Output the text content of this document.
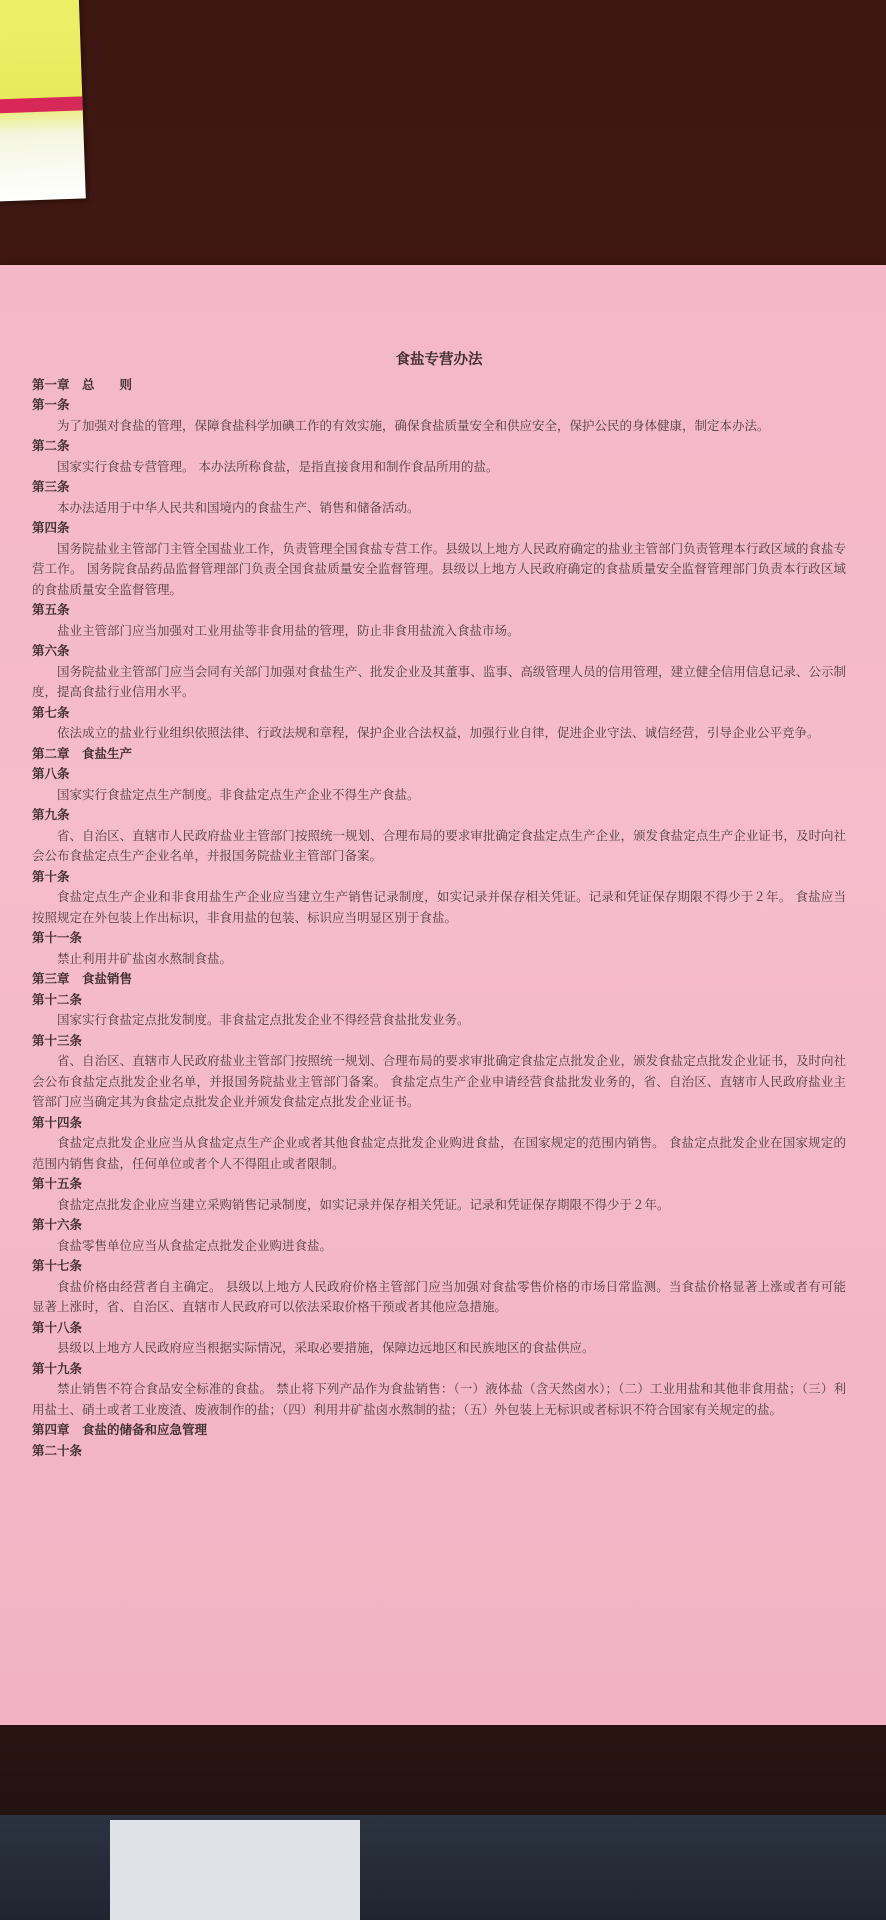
食盐专营办法
第一章　总　　则
第一条
为了加强对食盐的管理，保障食盐科学加碘工作的有效实施，确保食盐质量安全和供应安全，保护公民的身体健康，制定本办法。
第二条
国家实行食盐专营管理。 本办法所称食盐，是指直接食用和制作食品所用的盐。
第三条
本办法适用于中华人民共和国境内的食盐生产、销售和储备活动。
第四条
国务院盐业主管部门主管全国盐业工作，负责管理全国食盐专营工作。县级以上地方人民政府确定的盐业主管部门负责管理本行政区域的食盐专营工作。 国务院食品药品监督管理部门负责全国食盐质量安全监督管理。县级以上地方人民政府确定的食盐质量安全监督管理部门负责本行政区域的食盐质量安全监督管理。
第五条
盐业主管部门应当加强对工业用盐等非食用盐的管理，防止非食用盐流入食盐市场。
第六条
国务院盐业主管部门应当会同有关部门加强对食盐生产、批发企业及其董事、监事、高级管理人员的信用管理，建立健全信用信息记录、公示制度，提高食盐行业信用水平。
第七条
依法成立的盐业行业组织依照法律、行政法规和章程，保护企业合法权益，加强行业自律，促进企业守法、诚信经营，引导企业公平竞争。
第二章　食盐生产
第八条
国家实行食盐定点生产制度。非食盐定点生产企业不得生产食盐。
第九条
省、自治区、直辖市人民政府盐业主管部门按照统一规划、合理布局的要求审批确定食盐定点生产企业，颁发食盐定点生产企业证书，及时向社会公布食盐定点生产企业名单，并报国务院盐业主管部门备案。
第十条
食盐定点生产企业和非食用盐生产企业应当建立生产销售记录制度，如实记录并保存相关凭证。记录和凭证保存期限不得少于２年。 食盐应当按照规定在外包装上作出标识，非食用盐的包装、标识应当明显区别于食盐。
第十一条
禁止利用井矿盐卤水熬制食盐。
第三章　食盐销售
第十二条
国家实行食盐定点批发制度。非食盐定点批发企业不得经营食盐批发业务。
第十三条
省、自治区、直辖市人民政府盐业主管部门按照统一规划、合理布局的要求审批确定食盐定点批发企业，颁发食盐定点批发企业证书，及时向社会公布食盐定点批发企业名单，并报国务院盐业主管部门备案。 食盐定点生产企业申请经营食盐批发业务的，省、自治区、直辖市人民政府盐业主管部门应当确定其为食盐定点批发企业并颁发食盐定点批发企业证书。
第十四条
食盐定点批发企业应当从食盐定点生产企业或者其他食盐定点批发企业购进食盐，在国家规定的范围内销售。 食盐定点批发企业在国家规定的范围内销售食盐，任何单位或者个人不得阻止或者限制。
第十五条
食盐定点批发企业应当建立采购销售记录制度，如实记录并保存相关凭证。记录和凭证保存期限不得少于２年。
第十六条
食盐零售单位应当从食盐定点批发企业购进食盐。
第十七条
食盐价格由经营者自主确定。 县级以上地方人民政府价格主管部门应当加强对食盐零售价格的市场日常监测。当食盐价格显著上涨或者有可能显著上涨时，省、自治区、直辖市人民政府可以依法采取价格干预或者其他应急措施。
第十八条
县级以上地方人民政府应当根据实际情况，采取必要措施，保障边远地区和民族地区的食盐供应。
第十九条
禁止销售不符合食品安全标准的食盐。 禁止将下列产品作为食盐销售：（一）液体盐（含天然卤水）；（二）工业用盐和其他非食用盐；（三）利用盐土、硝土或者工业废渣、废液制作的盐；（四）利用井矿盐卤水熬制的盐；（五）外包装上无标识或者标识不符合国家有关规定的盐。
第四章　食盐的储备和应急管理
第二十条
